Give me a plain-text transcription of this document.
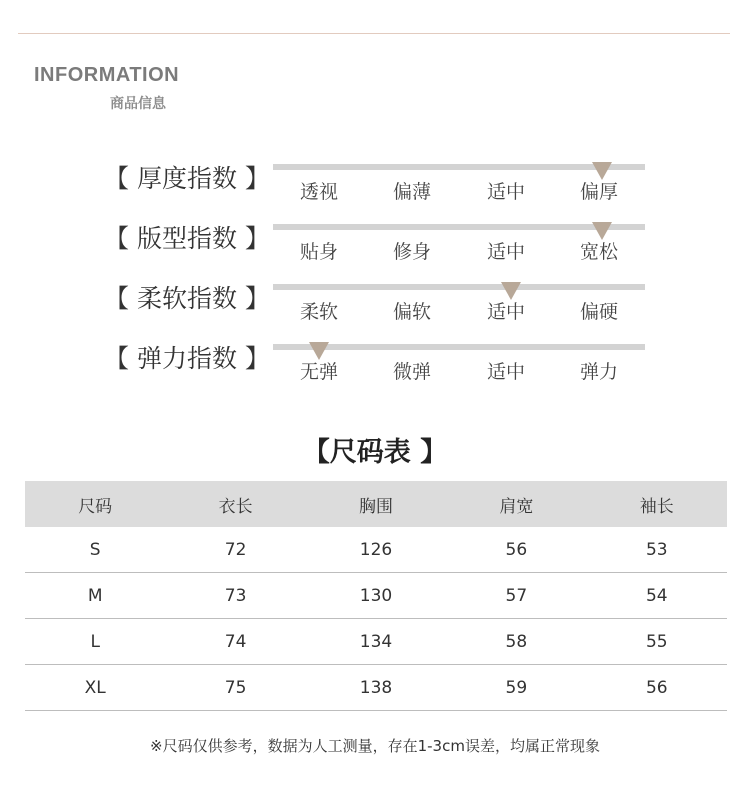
INFORMATION
商品信息
【 厚度指数 】 透视	偏薄	适中	偏厚
【 版型指数 】 贴身	修身	适中	宽松
【 柔软指数 】 柔软	偏软	适中	偏硬
【 弹力指数 】 无弹	微弹	适中	弹力
【尺码表 】
尺码	衣长	胸围	肩宽	袖长
S	72	126	56	53
M	73	130	57	54
L	74	134	58	55
XL	75	138	59	56
※尺码仅供参考，数据为人工测量，存在1-3cm误差，均属正常现象
